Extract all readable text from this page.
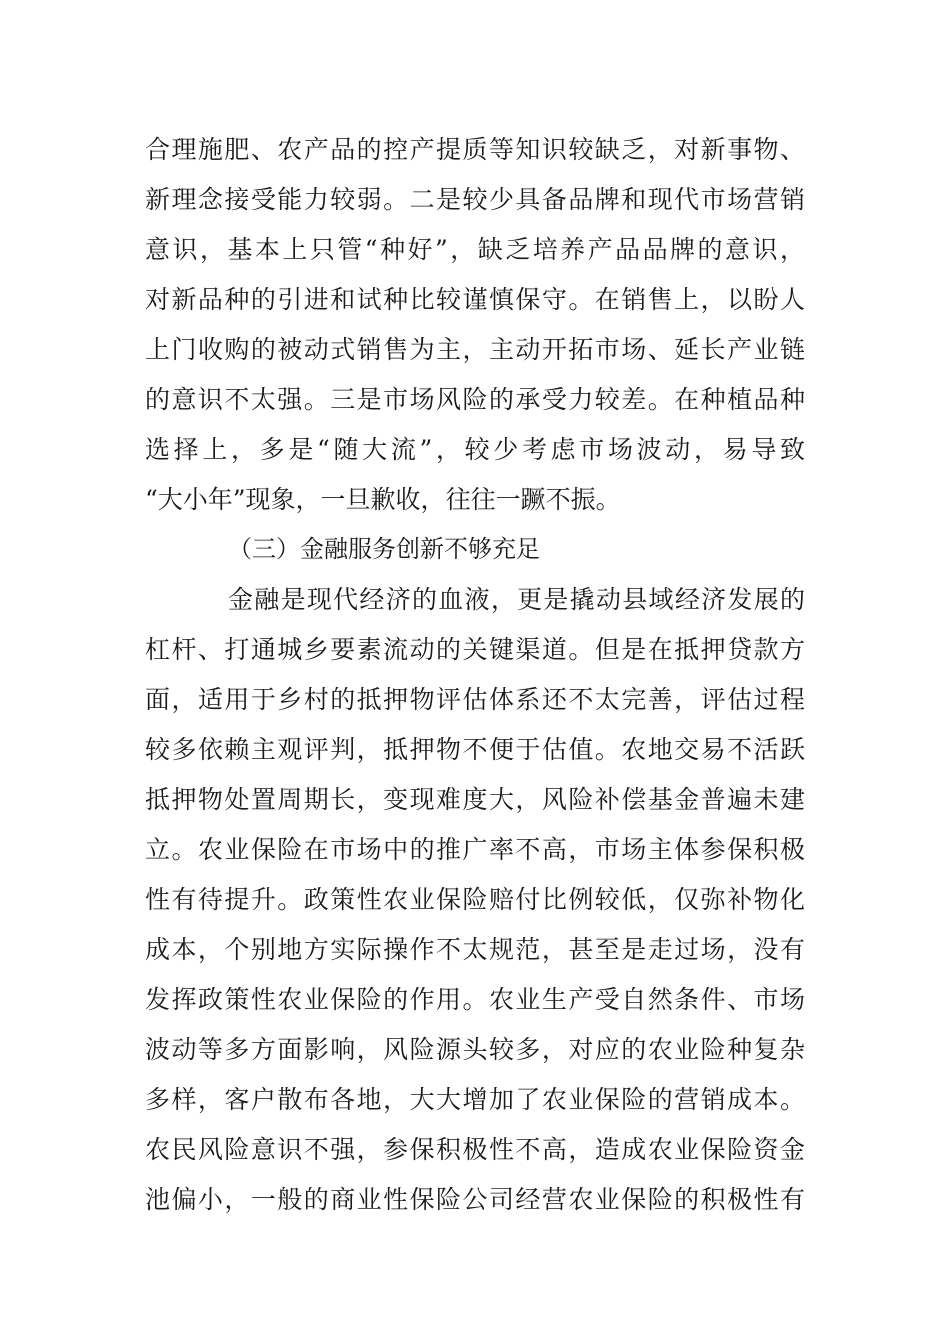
合理施肥、农产品的控产提质等知识较缺乏，对新事物、
新理念接受能力较弱。二是较少具备品牌和现代市场营销
意识，基本上只管“种好”，缺乏培养产品品牌的意识，
对新品种的引进和试种比较谨慎保守。在销售上，以盼人
上门收购的被动式销售为主，主动开拓市场、延长产业链
的意识不太强。三是市场风险的承受力较差。在种植品种
选择上，多是“随大流”，较少考虑市场波动，易导致
“大小年”现象，一旦歉收，往往一蹶不振。
（三）金融服务创新不够充足
金融是现代经济的血液，更是撬动县域经济发展的
杠杆、打通城乡要素流动的关键渠道。但是在抵押贷款方
面，适用于乡村的抵押物评估体系还不太完善，评估过程
较多依赖主观评判，抵押物不便于估值。农地交易不活跃
抵押物处置周期长，变现难度大，风险补偿基金普遍未建
立。农业保险在市场中的推广率不高，市场主体参保积极
性有待提升。政策性农业保险赔付比例较低，仅弥补物化
成本，个别地方实际操作不太规范，甚至是走过场，没有
发挥政策性农业保险的作用。农业生产受自然条件、市场
波动等多方面影响，风险源头较多，对应的农业险种复杂
多样，客户散布各地，大大增加了农业保险的营销成本。
农民风险意识不强，参保积极性不高，造成农业保险资金
池偏小，一般的商业性保险公司经营农业保险的积极性有
